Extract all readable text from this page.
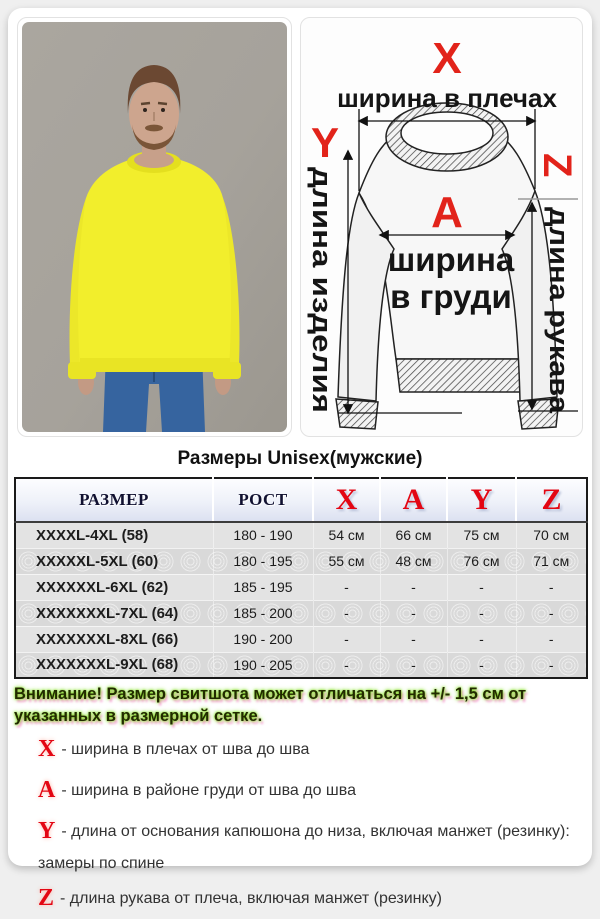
X
ширина в плечах
Y
длина изделия A
ширина
в груди
Z
длина рукава
Размеры Unisex(мужские)
РАЗМЕР	РОСТ	X	A	Y	Z
XXXXL-4XL (58)	180 - 190	54 см	66 см	75 см	70 см
XXXXXL-5XL (60)	180 - 195	55 см	48 см	76 см	71 см
XXXXXXL-6XL (62)	185 - 195	-	-	-	-
XXXXXXXL-7XL (64)	185 - 200	-	-	-	-
XXXXXXXL-8XL (66)	190 - 200	-	-	-	-
XXXXXXXL-9XL (68)	190 - 205	-	-	-	-
Внимание! Размер свитшота может отличаться на +/- 1,5 см от указанных в размерной сетке.
X - ширина в плечах от шва до шва
A - ширина в районе груди от шва до шва
Y - длина от основания капюшона до низа, включая манжет (резинку): замеры по спине
Z - длина рукава от плеча, включая манжет (резинку)
